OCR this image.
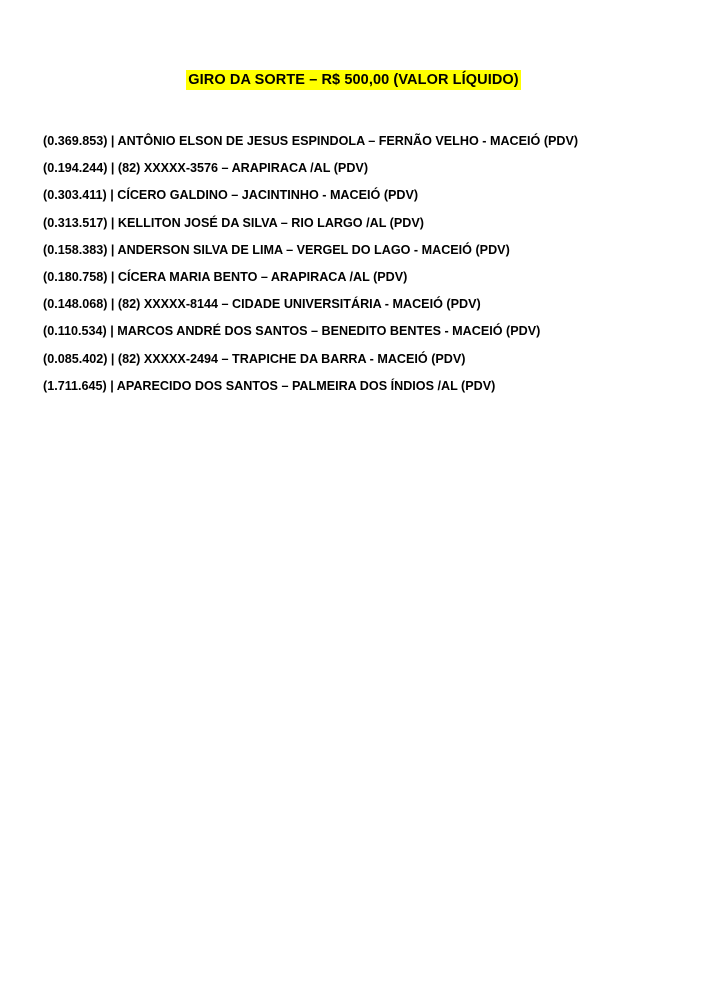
GIRO DA SORTE – R$ 500,00 (VALOR LÍQUIDO)
(0.369.853) | ANTÔNIO ELSON DE JESUS ESPINDOLA – FERNÃO VELHO - MACEIÓ (PDV)
(0.194.244) | (82) XXXXX-3576 – ARAPIRACA /AL (PDV)
(0.303.411) | CÍCERO GALDINO – JACINTINHO - MACEIÓ (PDV)
(0.313.517) | KELLITON JOSÉ DA SILVA – RIO LARGO /AL (PDV)
(0.158.383) | ANDERSON SILVA DE LIMA – VERGEL DO LAGO - MACEIÓ (PDV)
(0.180.758) | CÍCERA MARIA BENTO – ARAPIRACA /AL (PDV)
(0.148.068) | (82) XXXXX-8144 – CIDADE UNIVERSITÁRIA - MACEIÓ (PDV)
(0.110.534) | MARCOS ANDRÉ DOS SANTOS – BENEDITO BENTES - MACEIÓ (PDV)
(0.085.402) | (82) XXXXX-2494 – TRAPICHE DA BARRA - MACEIÓ (PDV)
(1.711.645) | APARECIDO DOS SANTOS – PALMEIRA DOS ÍNDIOS /AL (PDV)
